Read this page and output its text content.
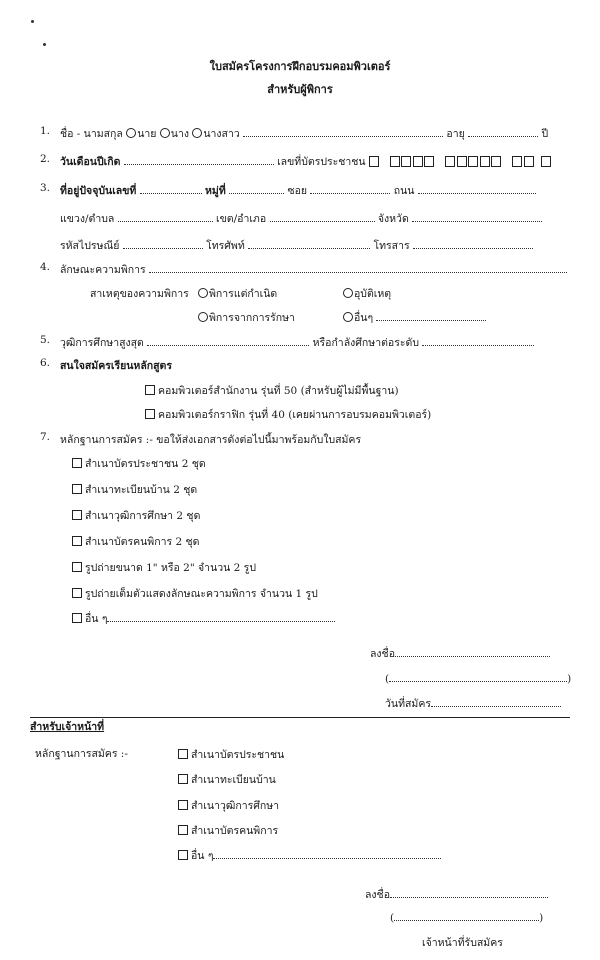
ใบสมัครโครงการฝึกอบรมคอมพิวเตอร์
สำหรับผู้พิการ
1. ชื่อ - นามสกุล นาย นาง นางสาว	อายุ	ปี
2. วันเดือนปีเกิด	เลขที่บัตรประชาชน
3. ที่อยู่ปัจจุบันเลขที่	หมู่ที่	ซอย	ถนน
แขวง/ตำบล	เขต/อำเภอ	จังหวัด
รหัสไปรษณีย์	โทรศัพท์	โทรสาร
4. ลักษณะความพิการ
สาเหตุของความพิการ	พิการแต่กำเนิด	อุบัติเหตุ
พิการจากการรักษา	อื่นๆ
5. วุฒิการศึกษาสูงสุด	หรือกำลังศึกษาต่อระดับ
6. สนใจสมัครเรียนหลักสูตร
คอมพิวเตอร์สำนักงาน รุ่นที่ 50 (สำหรับผู้ไม่มีพื้นฐาน)
คอมพิวเตอร์กราฟิก รุ่นที่ 40 (เคยผ่านการอบรมคอมพิวเตอร์)
7. หลักฐานการสมัคร :- ขอให้ส่งเอกสารดังต่อไปนี้มาพร้อมกับใบสมัคร
สำเนาบัตรประชาชน 2 ชุด
สำเนาทะเบียนบ้าน 2 ชุด
สำเนาวุฒิการศึกษา 2 ชุด
สำเนาบัตรคนพิการ 2 ชุด
รูปถ่ายขนาด 1" หรือ 2" จำนวน 2 รูป
รูปถ่ายเต็มตัวแสดงลักษณะความพิการ จำนวน 1 รูป
อื่น ๆ
ลงชื่อ
(	)
วันที่สมัคร
สำหรับเจ้าหน้าที่
หลักฐานการสมัคร :-	สำเนาบัตรประชาชน
สำเนาทะเบียนบ้าน
สำเนาวุฒิการศึกษา
สำเนาบัตรคนพิการ
อื่น ๆ
ลงชื่อ
(	)
เจ้าหน้าที่รับสมัคร
